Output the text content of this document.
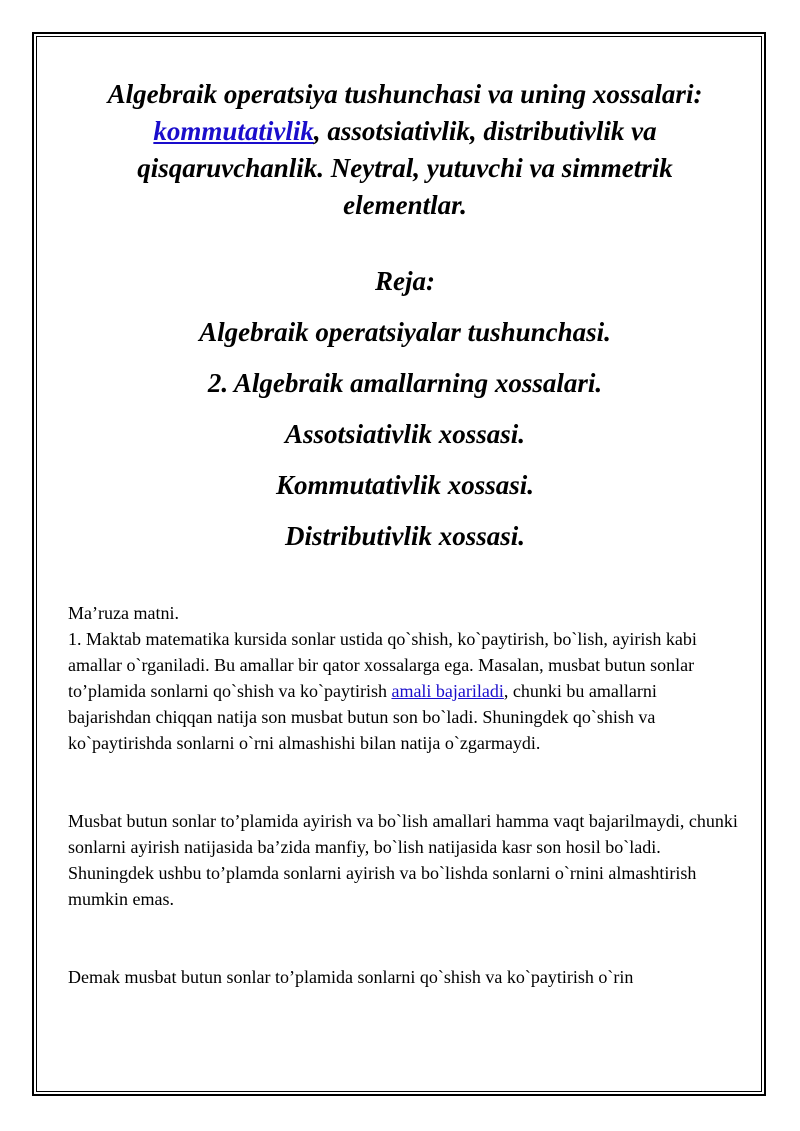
Algebraik operatsiya tushunchasi va uning xossalari: kommutativlik, assotsiativlik, distributivlik va qisqaruvchanlik. Neytral, yutuvchi va simmetrik elementlar.
Reja:
Algebraik operatsiyalar tushunchasi.
2. Algebraik amallarning xossalari.
Assotsiativlik xossasi.
Kommutativlik xossasi.
Distributivlik xossasi.
Ma’ruza matni.
1. Maktab matematika kursida sonlar ustida qo`shish, ko`paytirish, bo`lish, ayirish kabi amallar o`rganiladi. Bu amallar bir qator xossalarga ega. Masalan, musbat butun sonlar to’plamida sonlarni qo`shish va ko`paytirish amali bajariladi, chunki bu amallarni bajarishdan chiqqan natija son musbat butun son bo`ladi. Shuningdek qo`shish va ko`paytirishda sonlarni o`rni almashishi bilan natija o`zgarmaydi.

Musbat butun sonlar to’plamida ayirish va bo`lish amallari hamma vaqt bajarilmaydi, chunki sonlarni ayirish natijasida ba’zida manfiy, bo`lish natijasida kasr son hosil bo`ladi. Shuningdek ushbu to’plamda sonlarni ayirish va bo`lishda sonlarni o`rnini almashtirish mumkin emas.

Demak musbat butun sonlar to’plamida sonlarni qo`shish va ko`paytirish o`rin
